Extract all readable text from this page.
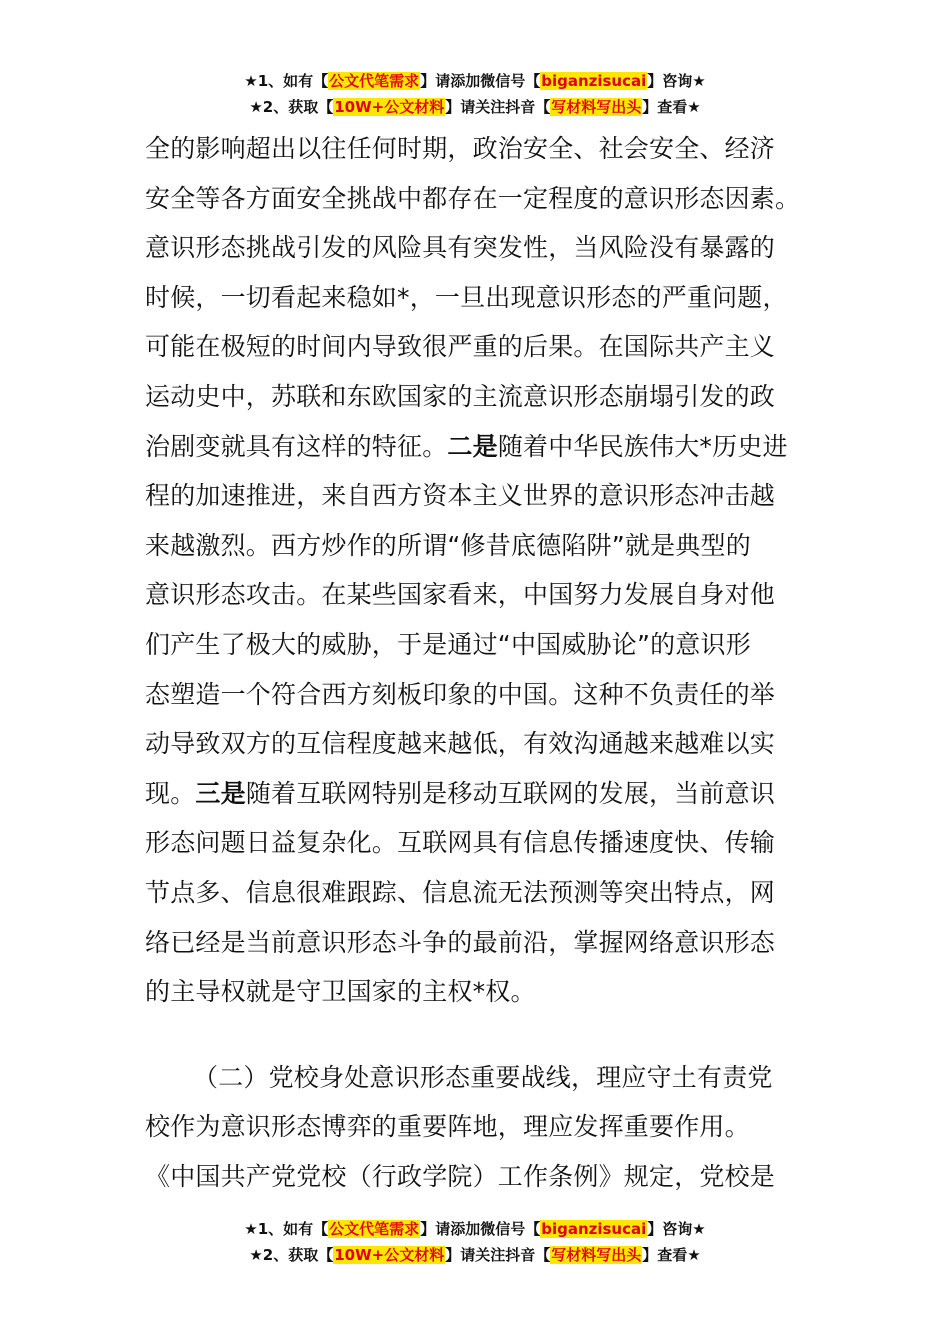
★1、如有【公文代笔需求】请添加微信号【biganzisucai】咨询★
★2、获取【10W+公文材料】请关注抖音【写材料写出头】查看★
全的影响超出以往任何时期，政治安全、社会安全、经济
安全等各方面安全挑战中都存在一定程度的意识形态因素。
意识形态挑战引发的风险具有突发性，当风险没有暴露的
时候，一切看起来稳如*，一旦出现意识形态的严重问题，
可能在极短的时间内导致很严重的后果。在国际共产主义
运动史中，苏联和东欧国家的主流意识形态崩塌引发的政
治剧变就具有这样的特征。二是随着中华民族伟大*历史进
程的加速推进，来自西方资本主义世界的意识形态冲击越
来越激烈。西方炒作的所谓“修昔底德陷阱”就是典型的
意识形态攻击。在某些国家看来，中国努力发展自身对他
们产生了极大的威胁，于是通过“中国威胁论”的意识形
态塑造一个符合西方刻板印象的中国。这种不负责任的举
动导致双方的互信程度越来越低，有效沟通越来越难以实
现。三是随着互联网特别是移动互联网的发展，当前意识
形态问题日益复杂化。互联网具有信息传播速度快、传输
节点多、信息很难跟踪、信息流无法预测等突出特点，网
络已经是当前意识形态斗争的最前沿，掌握网络意识形态
的主导权就是守卫国家的主权*权。
（二）党校身处意识形态重要战线，理应守土有责党
校作为意识形态博弈的重要阵地，理应发挥重要作用。
《中国共产党党校（行政学院）工作条例》规定，党校是
★1、如有【公文代笔需求】请添加微信号【biganzisucai】咨询★
★2、获取【10W+公文材料】请关注抖音【写材料写出头】查看★
